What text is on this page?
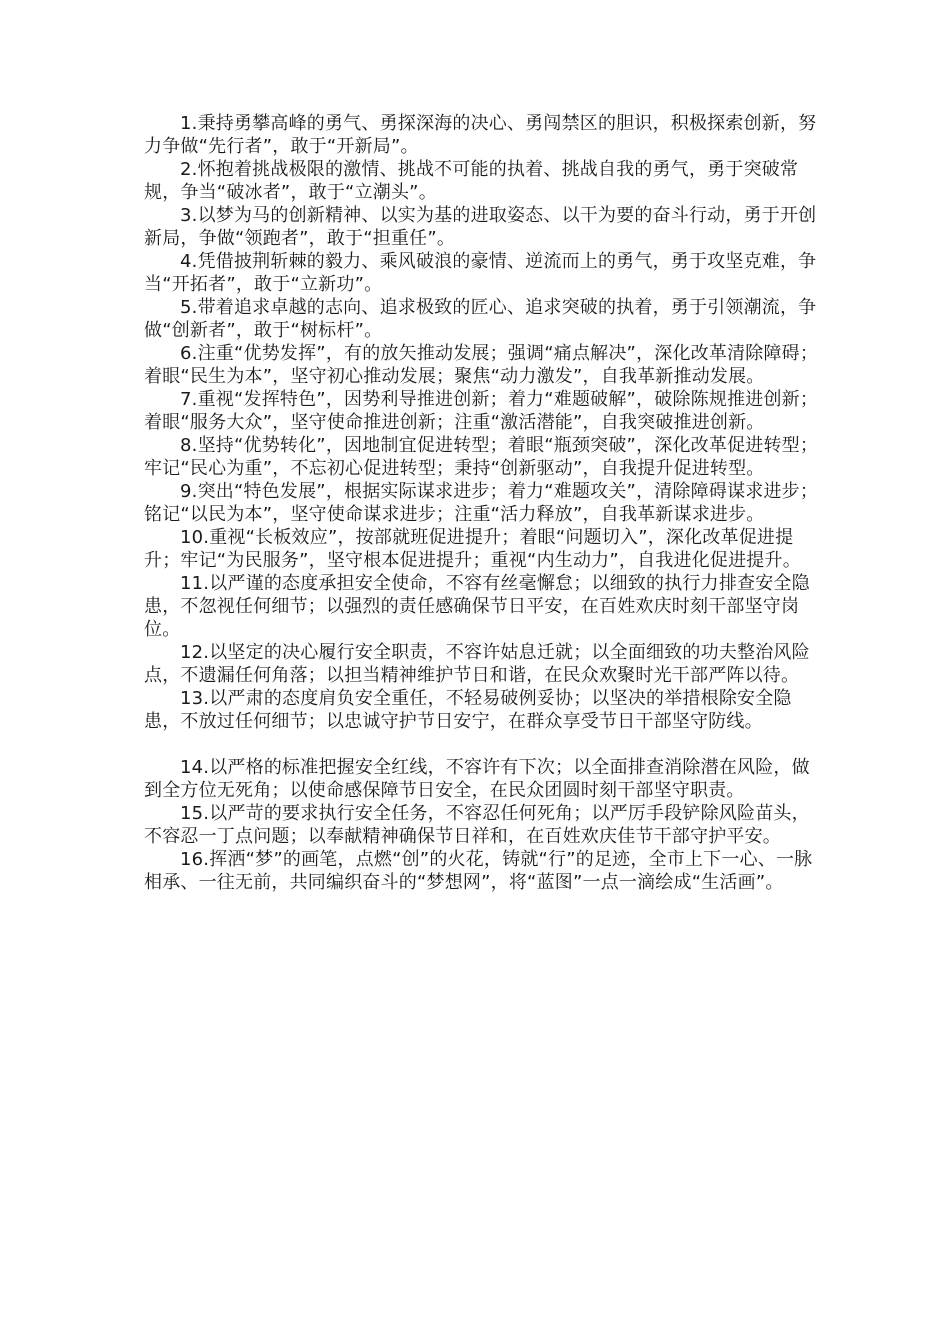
1.秉持勇攀高峰的勇气、勇探深海的决心、勇闯禁区的胆识，积极探索创新，努力争做“先行者”，敢于“开新局”。

2.怀抱着挑战极限的激情、挑战不可能的执着、挑战自我的勇气，勇于突破常规，争当“破冰者”，敢于“立潮头”。

3.以梦为马的创新精神、以实为基的进取姿态、以干为要的奋斗行动，勇于开创新局，争做“领跑者”，敢于“担重任”。

4.凭借披荆斩棘的毅力、乘风破浪的豪情、逆流而上的勇气，勇于攻坚克难，争当“开拓者”，敢于“立新功”。

5.带着追求卓越的志向、追求极致的匠心、追求突破的执着，勇于引领潮流，争做“创新者”，敢于“树标杆”。

6.注重“优势发挥”，有的放矢推动发展；强调“痛点解决”，深化改革清除障碍；着眼“民生为本”，坚守初心推动发展；聚焦“动力激发”，自我革新推动发展。

7.重视“发挥特色”，因势利导推进创新；着力“难题破解”，破除陈规推进创新；着眼“服务大众”，坚守使命推进创新；注重“激活潜能”，自我突破推进创新。

8.坚持“优势转化”，因地制宜促进转型；着眼“瓶颈突破”，深化改革促进转型；牢记“民心为重”，不忘初心促进转型；秉持“创新驱动”，自我提升促进转型。

9.突出“特色发展”，根据实际谋求进步；着力“难题攻关”，清除障碍谋求进步；铭记“以民为本”，坚守使命谋求进步；注重“活力释放”，自我革新谋求进步。

10.重视“长板效应”，按部就班促进提升；着眼“问题切入”，深化改革促进提升；牢记“为民服务”，坚守根本促进提升；重视“内生动力”，自我进化促进提升。

11.以严谨的态度承担安全使命，不容有丝毫懈怠；以细致的执行力排查安全隐患，不忽视任何细节；以强烈的责任感确保节日平安，在百姓欢庆时刻干部坚守岗位。

12.以坚定的决心履行安全职责，不容许姑息迁就；以全面细致的功夫整治风险点，不遗漏任何角落；以担当精神维护节日和谐，在民众欢聚时光干部严阵以待。

13.以严肃的态度肩负安全重任，不轻易破例妥协；以坚决的举措根除安全隐患，不放过任何细节；以忠诚守护节日安宁，在群众享受节日干部坚守防线。

14.以严格的标准把握安全红线，不容许有下次；以全面排查消除潜在风险，做到全方位无死角；以使命感保障节日安全，在民众团圆时刻干部坚守职责。

15.以严苛的要求执行安全任务，不容忍任何死角；以严厉手段铲除风险苗头，不容忍一丁点问题；以奉献精神确保节日祥和，在百姓欢庆佳节干部守护平安。

16.挥洒“梦”的画笔，点燃“创”的火花，铸就“行”的足迹，全市上下一心、一脉相承、一往无前，共同编织奋斗的“梦想网”，将“蓝图”一点一滴绘成“生活画”。
